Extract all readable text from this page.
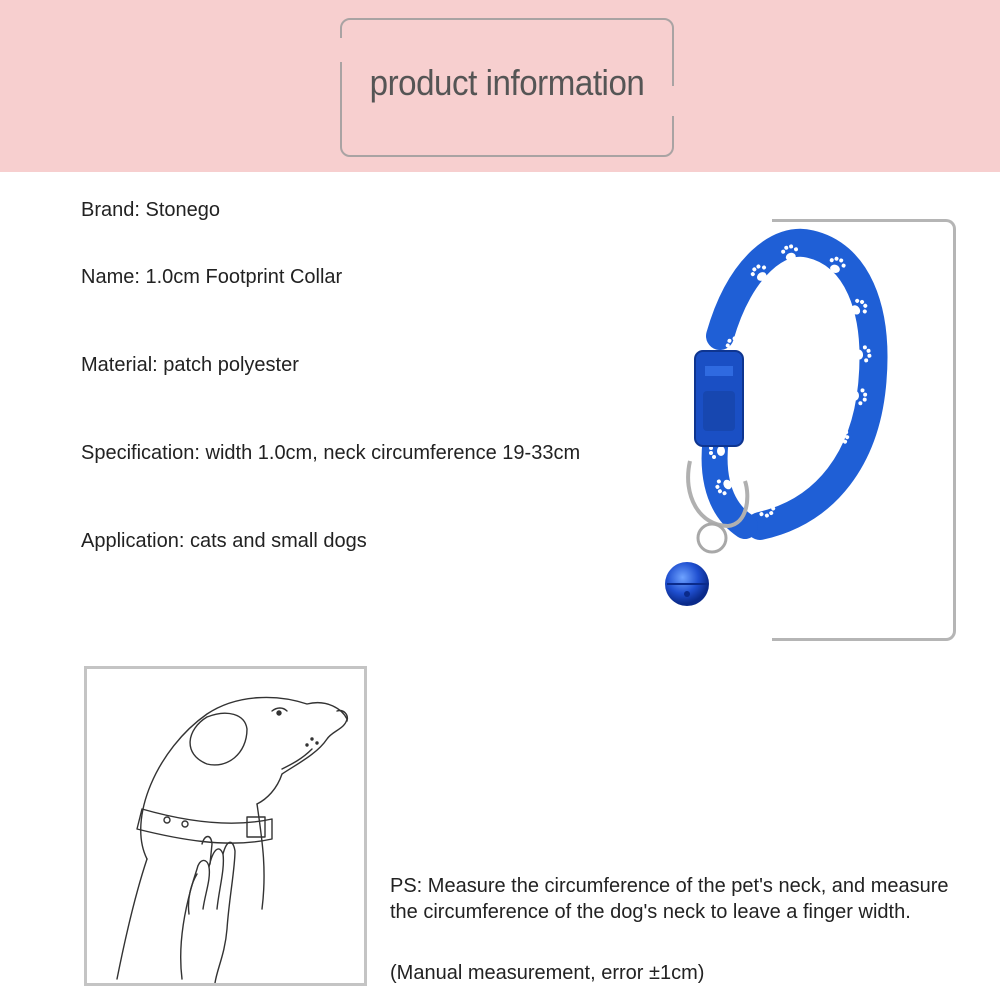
product information
Brand: Stonego
Name: 1.0cm Footprint Collar
Material: patch polyester
Specification: width 1.0cm, neck circumference 19-33cm
Application: cats and small dogs
PS: Measure the circumference of the pet's neck, and measure the circumference of the dog's neck to leave a finger width.
(Manual measurement, error ±1cm)
